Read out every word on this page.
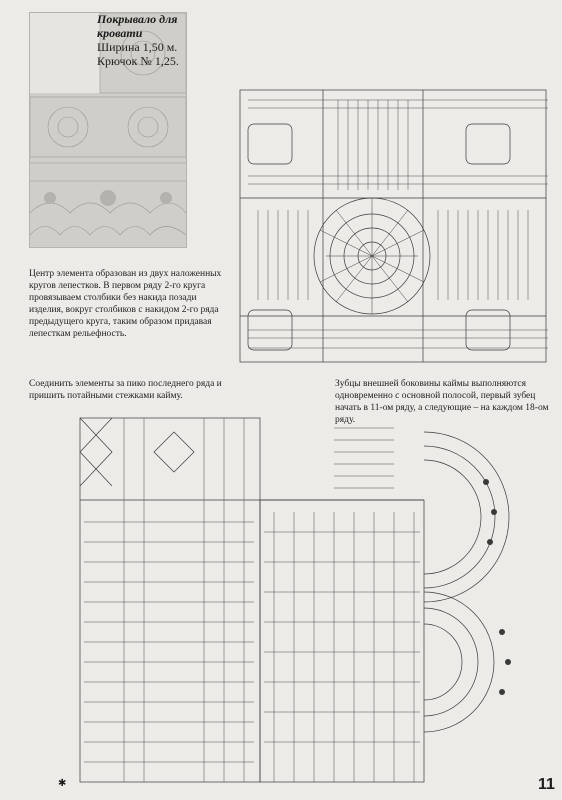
Покрывало для кровати
Ширина 1,50 м.
Крючок № 1,25.
Центр элемента образован из двух наложенных кругов лепестков. В первом ряду 2-го круга провязываем столбики без накида позади изделия, вокруг столбиков с накидом 2-го ряда предыдущего круга, таким образом придавая лепесткам рельефность.
Соединить элементы за пико последнего ряда и пришить потайными стежками кайму.
Зубцы внешней боковины каймы выполняются одновременно с основной полосой, первый зубец начать в 11-ом ряду, а следующие – на каждом 18-ом ряду.
✱	11
